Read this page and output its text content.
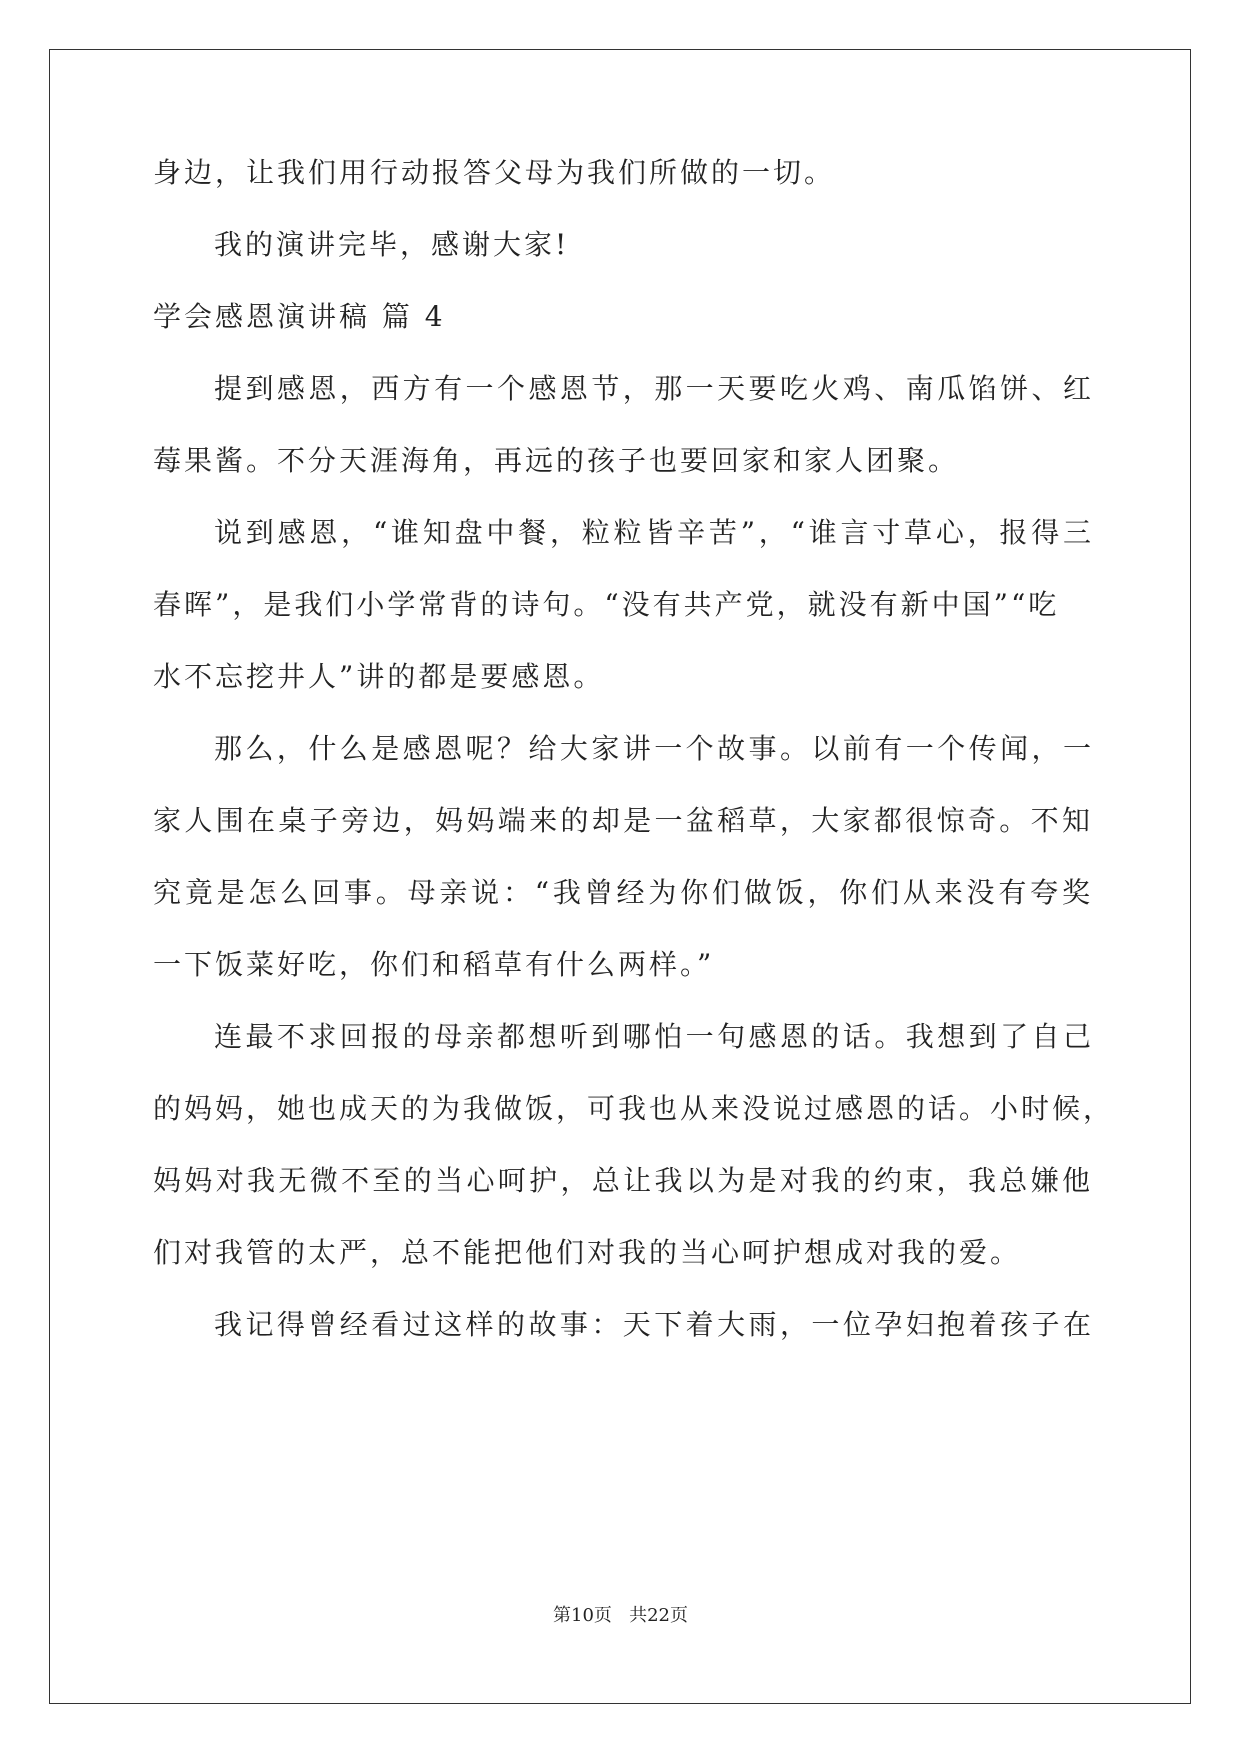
身边，让我们用行动报答父母为我们所做的一切。
我的演讲完毕，感谢大家!
学会感恩演讲稿 篇 4
提到感恩，西方有一个感恩节，那一天要吃火鸡、南瓜馅饼、红
莓果酱。不分天涯海角，再远的孩子也要回家和家人团聚。
说到感恩，“谁知盘中餐，粒粒皆辛苦”，“谁言寸草心，报得三
春晖”，是我们小学常背的诗句。“没有共产党，就没有新中国”“吃
水不忘挖井人”讲的都是要感恩。
那么，什么是感恩呢？给大家讲一个故事。以前有一个传闻，一
家人围在桌子旁边，妈妈端来的却是一盆稻草，大家都很惊奇。不知
究竟是怎么回事。母亲说：“我曾经为你们做饭，你们从来没有夸奖
一下饭菜好吃，你们和稻草有什么两样。”
连最不求回报的母亲都想听到哪怕一句感恩的话。我想到了自己
的妈妈，她也成天的为我做饭，可我也从来没说过感恩的话。小时候，
妈妈对我无微不至的当心呵护，总让我以为是对我的约束，我总嫌他
们对我管的太严，总不能把他们对我的当心呵护想成对我的爱。
我记得曾经看过这样的故事：天下着大雨，一位孕妇抱着孩子在
第10页   共22页
